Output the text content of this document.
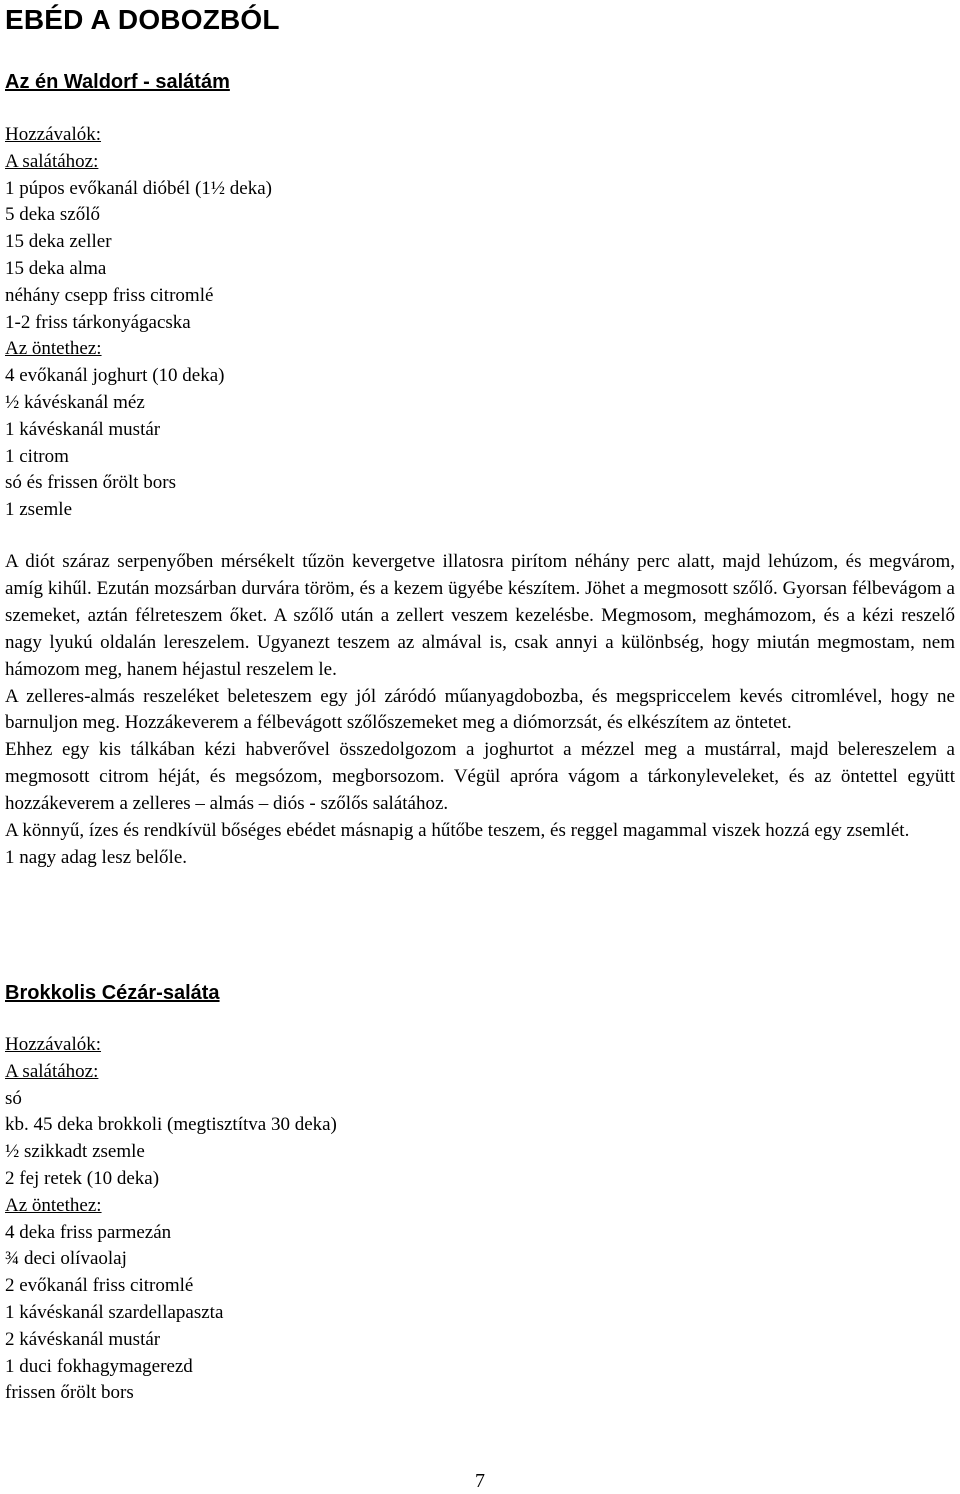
EBÉD A DOBOZBÓL
Az én Waldorf - salátám
Hozzávalók:
A salátához:
1 púpos evőkanál dióbél (1½ deka)
5 deka szőlő
15 deka zeller
15 deka alma
néhány csepp friss citromlé
1-2 friss tárkonyágacska
Az öntethez:
4 evőkanál joghurt (10 deka)
½ kávéskanál méz
1 kávéskanál mustár
1 citrom
só és frissen őrölt bors
1 zsemle

A diót száraz serpenyőben mérsékelt tűzön kevergetve illatosra pirítom néhány perc alatt, majd lehúzom, és megvárom, amíg kihűl. Ezután mozsárban durvára töröm, és a kezem ügyébe készítem. Jöhet a megmosott szőlő. Gyorsan félbevágom a szemeket, aztán félreteszem őket. A szőlő után a zellert veszem kezelésbe. Megmosom, meghámozom, és a kézi reszelő nagy lyukú oldalán lereszelem. Ugyanezt teszem az almával is, csak annyi a különbség, hogy miután megmostam, nem hámozom meg, hanem héjastul reszelem le.

A zelleres-almás reszeléket beleteszem egy jól záródó műanyagdobozba, és megspriccelem kevés citromlével, hogy ne barnuljon meg. Hozzákeverem a félbevágott szőlőszemeket meg a diómorzsát, és elkészítem az öntetet.

Ehhez egy kis tálkában kézi habverővel összedolgozom a joghurtot a mézzel meg a mustárral, majd belereszelem a megmosott citrom héját, és megsózom, megborsozom. Végül apróra vágom a tárkonyleveleket, és az öntettel együtt hozzákeverem a zelleres – almás – diós - szőlős salátához.

A könnyű, ízes és rendkívül bőséges ebédet másnapig a hűtőbe teszem, és reggel magammal viszek hozzá egy zsemlét.

1 nagy adag lesz belőle.
Brokkolis Cézár-saláta
Hozzávalók:
A salátához:
só
kb. 45 deka brokkoli (megtisztítva 30 deka)
½ szikkadt zsemle
2 fej retek (10 deka)
Az öntethez:
4 deka friss parmezán
¾ deci olívaolaj
2 evőkanál friss citromlé
1 kávéskanál szardellapaszta
2 kávéskanál mustár
1 duci fokhagymagerezd
frissen őrölt bors
7
